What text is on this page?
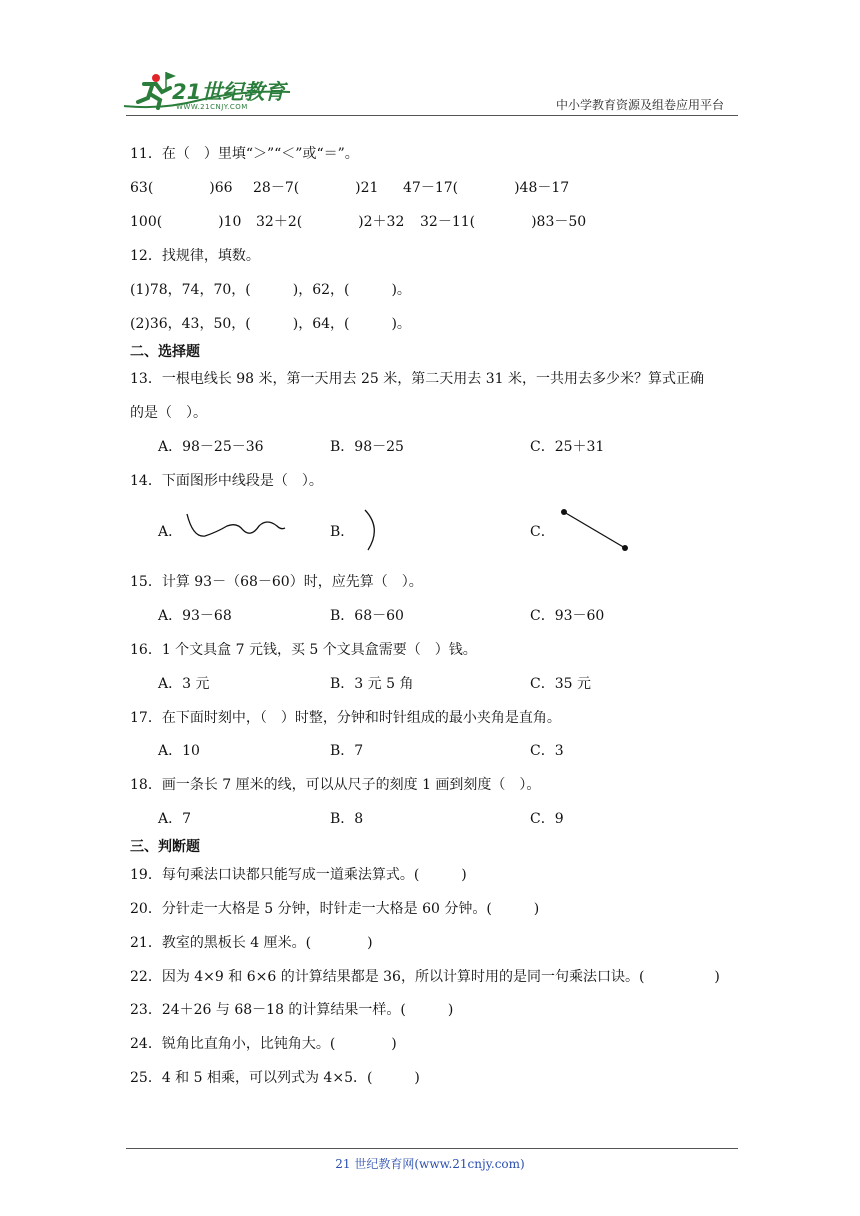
21世纪教育
WWW.21CNJY.COM	中小学教育资源及组卷应用平台
11．在（　）里填“＞”“＜”或“＝”。
63(　　　　)66 28－7(　　　　)21 47－17(　　　　)48－17
100(　　　　)10 32＋2(　　　　)2＋32 32－11(　　　　)83－50
12．找规律，填数。
(1)78，74，70，(　　　)，62，(　　　)。
(2)36，43，50，(　　　)，64，(　　　)。
二、选择题
13．一根电线长 98 米，第一天用去 25 米，第二天用去 31 米，一共用去多少米？算式正确
的是（　）。
A．98－25－36	B．98－25	C．25＋31
14．下面图形中线段是（　）。
A．	B．	C．
15．计算 93－（68－60）时，应先算（　）。
A．93－68	B．68－60	C．93－60
16．1 个文具盒 7 元钱，买 5 个文具盒需要（　）钱。
A．3 元	B．3 元 5 角	C．35 元
17．在下面时刻中，（　）时整，分钟和时针组成的最小夹角是直角。
A．10	B．7	C．3
18．画一条长 7 厘米的线，可以从尺子的刻度 1 画到刻度（　）。
A．7	B．8	C．9
三、判断题
19．每句乘法口诀都只能写成一道乘法算式。(　　　)
20．分针走一大格是 5 分钟，时针走一大格是 60 分钟。(　　　)
21．教室的黑板长 4 厘米。(　　　　)
22．因为 4×9 和 6×6 的计算结果都是 36，所以计算时用的是同一句乘法口诀。(　　　　　)
23．24＋26 与 68－18 的计算结果一样。(　　　)
24．锐角比直角小，比钝角大。(　　　　)
25．4 和 5 相乘，可以列式为 4×5．(　　　)
21 世纪教育网(www.21cnjy.com)
